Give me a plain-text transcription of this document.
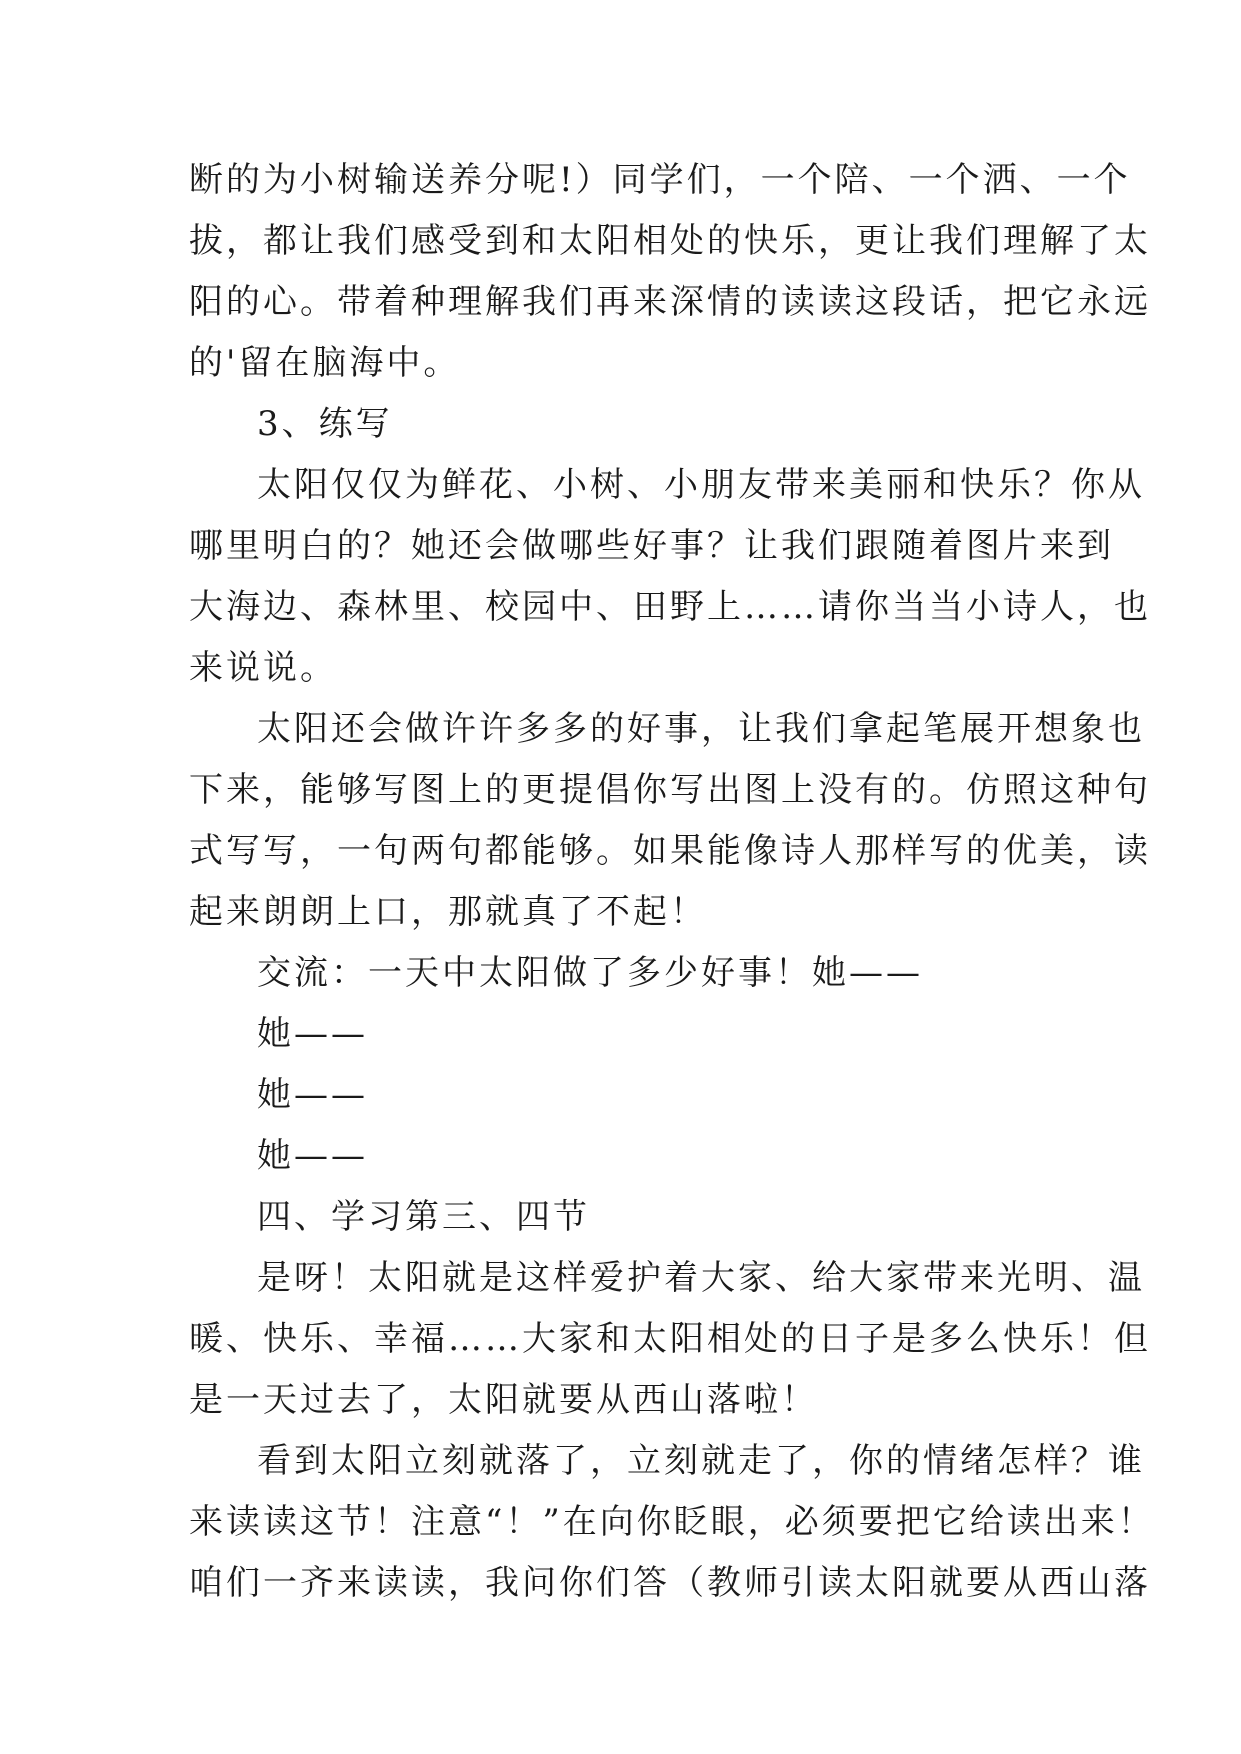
断的为小树输送养分呢!）同学们，一个陪、一个洒、一个
拔，都让我们感受到和太阳相处的快乐，更让我们理解了太
阳的心。带着种理解我们再来深情的读读这段话，把它永远
的'留在脑海中。
3、练写
太阳仅仅为鲜花、小树、小朋友带来美丽和快乐？你从
哪里明白的？她还会做哪些好事？让我们跟随着图片来到
大海边、森林里、校园中、田野上……请你当当小诗人，也
来说说。
太阳还会做许许多多的好事，让我们拿起笔展开想象也
下来，能够写图上的更提倡你写出图上没有的。仿照这种句
式写写，一句两句都能够。如果能像诗人那样写的优美，读
起来朗朗上口，那就真了不起！
交流：一天中太阳做了多少好事！她——
她——
她——
她——
四、学习第三、四节
是呀！太阳就是这样爱护着大家、给大家带来光明、温
暖、快乐、幸福……大家和太阳相处的日子是多么快乐！但
是一天过去了，太阳就要从西山落啦！
看到太阳立刻就落了，立刻就走了，你的情绪怎样？谁
来读读这节！注意“！”在向你眨眼，必须要把它给读出来！
咱们一齐来读读，我问你们答（教师引读太阳就要从西山落
